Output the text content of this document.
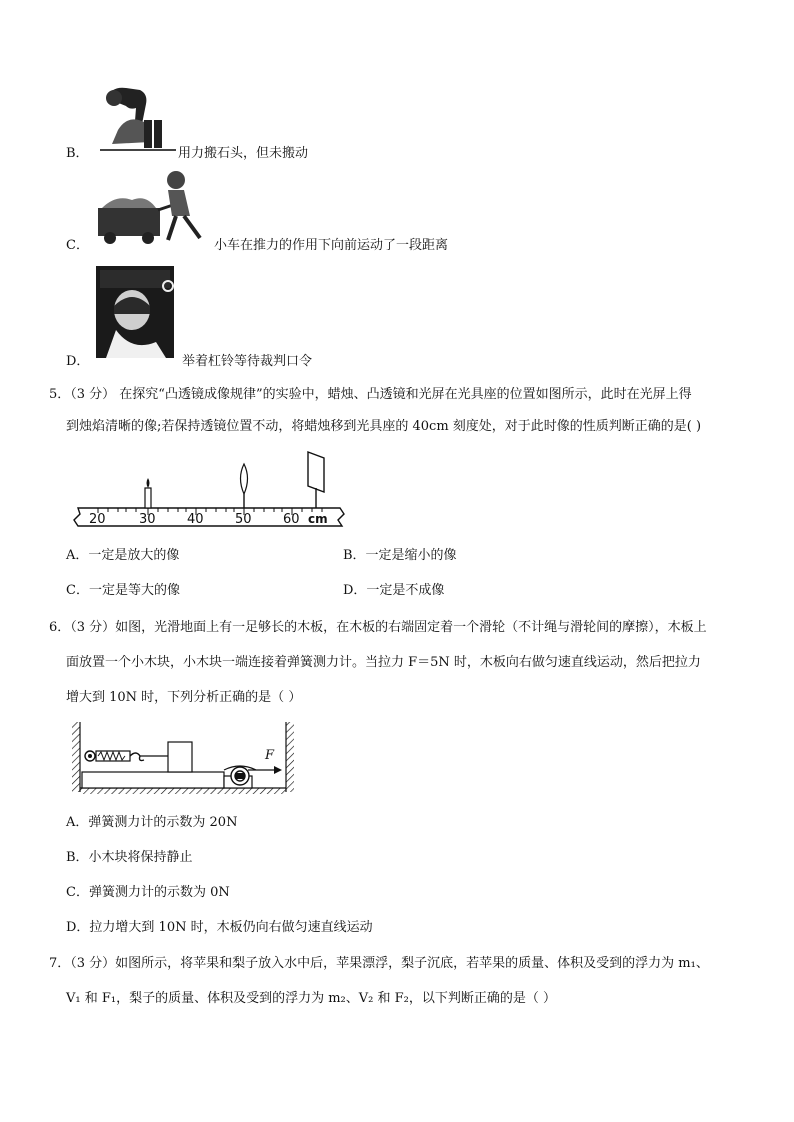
B．	用力搬石头，但未搬动
C．	小车在推力的作用下向前运动了一段距离
D．	举着杠铃等待裁判口令
5．（3 分） 在探究“凸透镜成像规律”的实验中，蜡烛、凸透镜和光屏在光具座的位置如图所示，此时在光屏上得
到烛焰清晰的像;若保持透镜位置不动，将蜡烛移到光具座的 40cm 刻度处，对于此时像的性质判断正确的是( )
20	30 40 50 60 cm
A．一定是放大的像	B．一定是缩小的像
C．一定是等大的像	D．一定是不成像
6．（3 分）如图，光滑地面上有一足够长的木板，在木板的右端固定着一个滑轮（不计绳与滑轮间的摩擦），木板上
面放置一个小木块，小木块一端连接着弹簧测力计。当拉力 F＝5N 时，木板向右做匀速直线运动，然后把拉力
增大到 10N 时，下列分析正确的是（ ）
F
A．弹簧测力计的示数为 20N
B．小木块将保持静止
C．弹簧测力计的示数为 0N
D．拉力增大到 10N 时，木板仍向右做匀速直线运动
7．（3 分）如图所示，将苹果和梨子放入水中后，苹果漂浮，梨子沉底，若苹果的质量、体积及受到的浮力为 m₁、
V₁ 和 F₁，梨子的质量、体积及受到的浮力为 m₂、V₂ 和 F₂，以下判断正确的是（ ）
